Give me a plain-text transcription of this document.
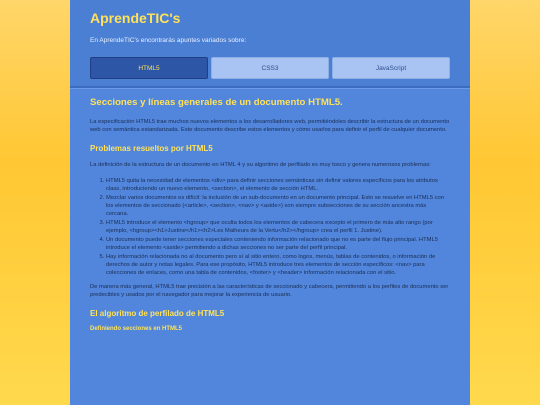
AprendeTIC's
En AprendeTIC's encontrarás apuntes variados sobre:
HTML5	CSS3	JavaScript
Secciones y líneas generales de un documento HTML5.

La especificación HTML5 trae muchos nuevos elementos a los desarrolladores web, permitiéndoles describir la estructura de un documento web con semántica estandarizada. Este documento describe estos elementos y cómo usarlos para definir el perfil de cualquier documento.

Problemas resueltos por HTML5

La definición de la estructura de un documento en HTML 4 y su algoritmo de perfilado es muy tosco y genera numerosos problemas:

1. HTML5 quita la necesidad de elementos <div> para definir secciones semánticas sin definir valores específicos para los atributos class, introduciendo un nuevo elemento, <section>, el elemento de sección HTML.
2. Mezclar varios documentos es difícil: la inclusión de un sub-documento en un documento principal. Esto se resuelve en HTML5 con los elementos de seccionado (<article>, <section>, <nav> y <aside>) son siempre subsecciones de su sección ancestra más cercana.
3. HTML5 introduce el elemento <hgroup> que oculta todos los elementos de cabecera excepto el primero de más alto rango (por ejemplo, <hgroup><h1>Justine</h1><h2>Les Malheurs de la Vertu</h2></hgroup> crea el perfil 1. Justine).
4. Un documento puede tener secciones especiales conteniendo información relacionado que no es parte del flujo principal. HTML5 introduce el elemento <aside> permitiendo a dichas secciones no ser parte del perfil principal.
5. Hay información relacionada no al documento pero sí al sitio entero, como logos, menús, tablas de contenidos, o información de derechos de autor y notas legales. Para ese propósito, HTML5 introduce tres elementos de sección específicos: <nav> para colecciones de enlaces, como una tabla de contenidos, <footer> y <header> información relacionada con el sitio.

De manera más general, HTML5 trae precisión a las características de seccionado y cabecera, permitiendo a los perfiles de documento ser predecibles y usados por el navegador para mejorar la experiencia de usuario.

El algoritmo de perfilado de HTML5
Definiendo secciones en HTML5
